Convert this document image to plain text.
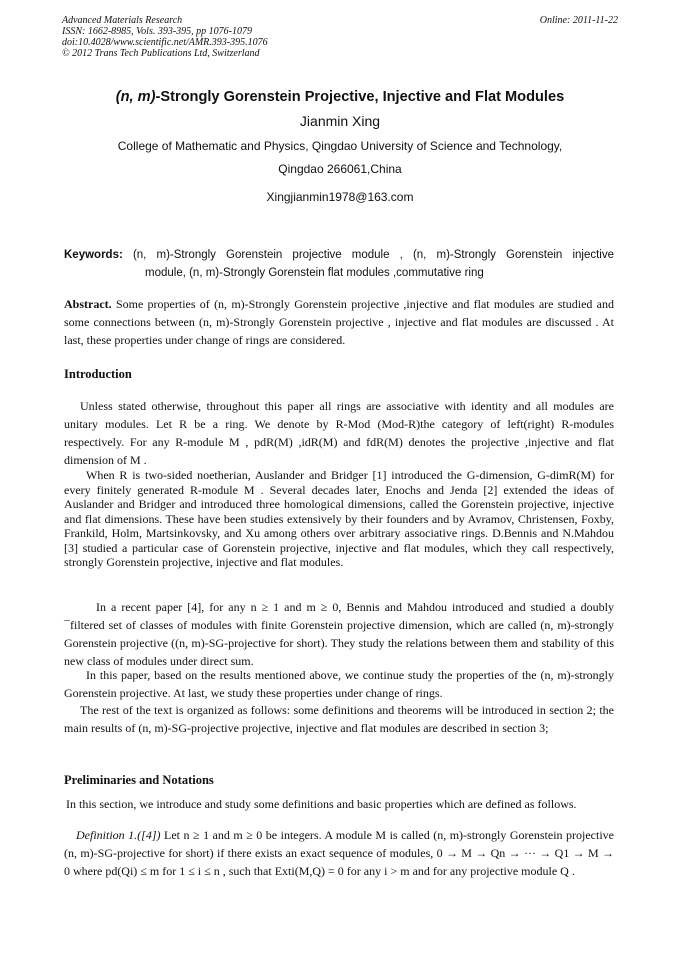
Advanced Materials Research
ISSN: 1662-8985, Vols. 393-395, pp 1076-1079
doi:10.4028/www.scientific.net/AMR.393-395.1076
© 2012 Trans Tech Publications Ltd, Switzerland
Online: 2011-11-22
(n, m)-Strongly Gorenstein Projective, Injective and Flat Modules
Jianmin Xing
College of Mathematic and Physics, Qingdao University of Science and Technology,
Qingdao 266061,China
Xingjianmin1978@163.com
Keywords: (n, m)-Strongly Gorenstein projective module , (n, m)-Strongly Gorenstein injective
module, (n, m)-Strongly Gorenstein flat modules ,commutative ring
Abstract. Some properties of (n, m)-Strongly Gorenstein projective ,injective and flat modules are studied and some connections between (n, m)-Strongly Gorenstein projective , injective and flat modules are discussed . At last, these properties under change of rings are considered.
Introduction
Unless stated otherwise, throughout this paper all rings are associative with identity and all modules are unitary modules. Let R be a ring. We denote by R-Mod (Mod-R)the category of left(right) R-modules respectively. For any R-module M , pdR(M) ,idR(M) and fdR(M) denotes the projective ,injective and flat dimension of M .
When R is two-sided noetherian, Auslander and Bridger [1] introduced the G-dimension, G-dimR(M) for every finitely generated R-module M . Several decades later, Enochs and Jenda [2] extended the ideas of Auslander and Bridger and introduced three homological dimensions, called the Gorenstein projective, injective and flat dimensions. These have been studies extensively by their founders and by Avramov, Christensen, Foxby, Frankild, Holm, Martsinkovsky, and Xu among others over arbitrary associative rings. D.Bennis and N.Mahdou [3] studied a particular case of Gorenstein projective, injective and flat modules, which they call respectively, strongly Gorenstein projective, injective and flat modules.
In a recent paper [4], for any n ≥ 1 and m ≥ 0, Bennis and Mahdou introduced and studied a doubly ¯filtered set of classes of modules with finite Gorenstein projective dimension, which are called (n, m)-strongly Gorenstein projective ((n, m)-SG-projective for short). They study the relations between them and stability of this new class of modules under direct sum.
In this paper, based on the results mentioned above, we continue study the properties of the (n, m)-strongly Gorenstein projective. At last, we study these properties under change of rings.
The rest of the text is organized as follows: some definitions and theorems will be introduced in section 2; the main results of (n, m)-SG-projective projective, injective and flat modules are described in section 3;
Preliminaries and Notations
In this section, we introduce and study some definitions and basic properties which are defined as follows.
Definition 1.([4]) Let n ≥ 1 and m ≥ 0 be integers. A module M is called (n, m)-strongly Gorenstein projective (n, m)-SG-projective for short) if there exists an exact sequence of modules, 0 → M → Qn → ··· → Q1 → M → 0 where pd(Qi) ≤ m for 1 ≤ i ≤ n , such that Exti(M,Q) = 0 for any i > m and for any projective module Q .
